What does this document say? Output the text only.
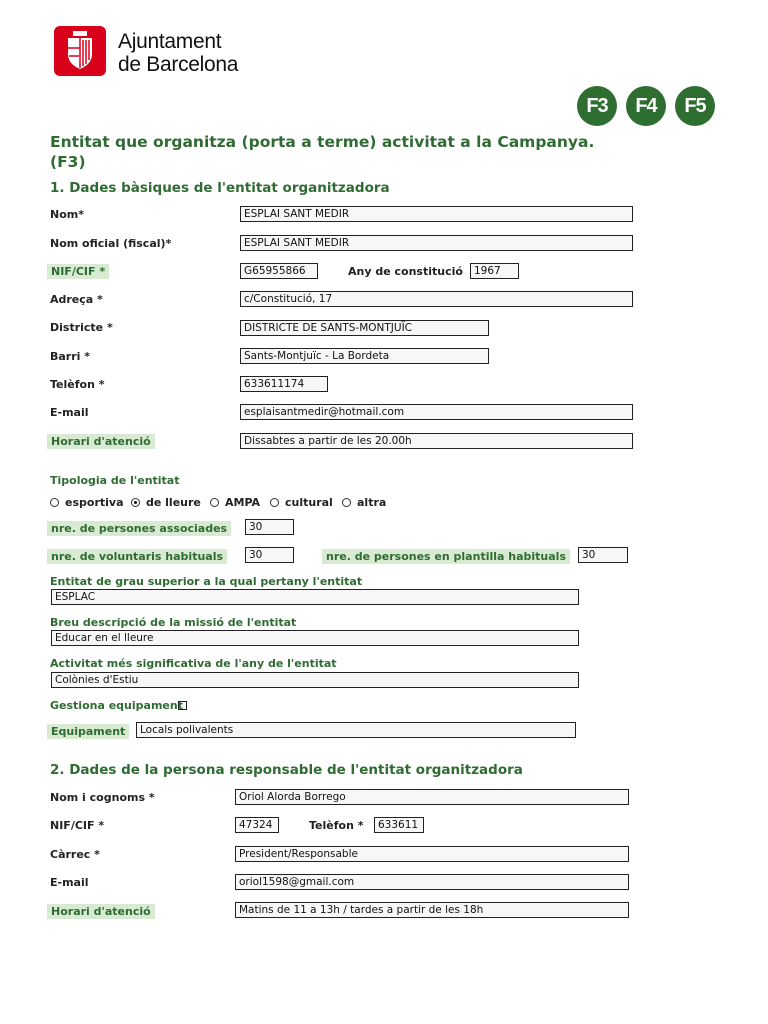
Ajuntament
de Barcelona
F3	F4	F5
Entitat que organitza (porta a terme) activitat a la Campanya. (F3)
1. Dades bàsiques de l'entitat organitzadora
Nom*	ESPLAI SANT MEDIR
Nom oficial (fiscal)*	ESPLAI SANT MEDIR
NIF/CIF *	G65955866	Any de constitució	1967
Adreça *	c/Constitució, 17
Districte *	DISTRICTE DE SANTS-MONTJUÏC
Barri *	Sants-Montjuïc - La Bordeta
Telèfon *	633611174
E-mail	esplaisantmedir@hotmail.com
Horari d'atenció	Dissabtes a partir de les 20.00h
Tipologia de l'entitat
esportiva de lleure AMPA cultural altra
nre. de persones associades	30
nre. de voluntaris habituals	30	nre. de persones en plantilla habituals	30
Entitat de grau superior a la qual pertany l'entitat
ESPLAC
Breu descripció de la missió de l'entitat
Educar en el lleure
Activitat més significativa de l'any de l'entitat
Colònies d'Estiu
Gestiona equipament
Equipament	Locals polivalents
2. Dades de la persona responsable de l'entitat organitzadora
Nom i cognoms *	Oriol Alorda Borrego
NIF/CIF *	47324	Telèfon *	633611
Càrrec *	President/Responsable
E-mail	oriol1598@gmail.com
Horari d'atenció	Matins de 11 a 13h / tardes a partir de les 18h
